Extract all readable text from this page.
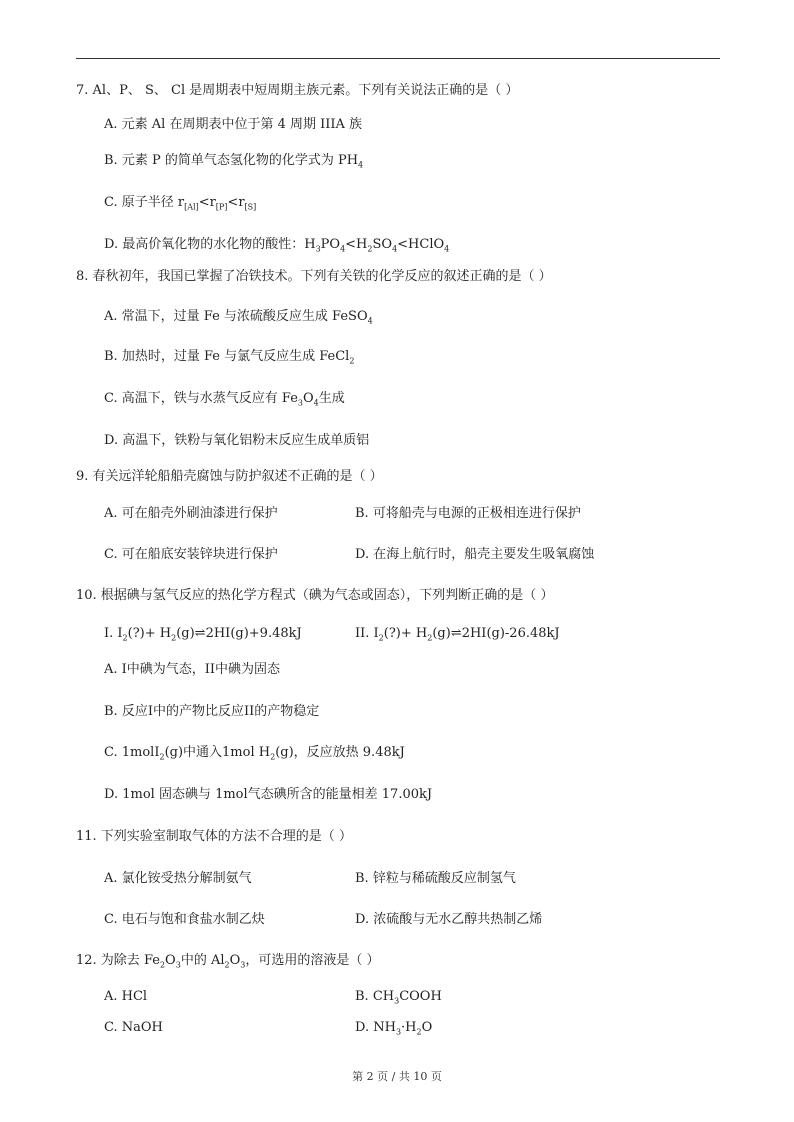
7. Al、P、 S、 Cl 是周期表中短周期主族元素。下列有关说法正确的是（ ）
A. 元素 Al 在周期表中位于第 4 周期 IIIA 族
B. 元素 P 的简单气态氢化物的化学式为 $PH_4$
C. 原子半径 $r_{[Al]}<r_{[P]}<r_{[S]}$
D. 最高价氧化物的水化物的酸性：$H_3PO_4<H_2SO_4<HClO_4$
8. 春秋初年，我国已掌握了冶铁技术。下列有关铁的化学反应的叙述正确的是（ ）
A. 常温下，过量 Fe 与浓硫酸反应生成 FeSO$_4$
B. 加热时，过量 Fe 与氯气反应生成 FeCl$_2$
C. 高温下，铁与水蒸气反应有 $Fe_3O_4$生成
D. 高温下，铁粉与氧化铝粉末反应生成单质铝
9. 有关远洋轮船船壳腐蚀与防护叙述不正确的是（ ）
A. 可在船壳外刷油漆进行保护	B. 可将船壳与电源的正极相连进行保护
C. 可在船底安装锌块进行保护	D. 在海上航行时，船壳主要发生吸氧腐蚀
10. 根据碘与氢气反应的热化学方程式（碘为气态或固态），下列判断正确的是（ ）
I. $I_2(?)+$ $H_2(g)\rightleftharpoons 2HI(g)+9.48kJ$	II. $I_2(?)+$ $H_2(g)\rightleftharpoons 2HI(g)-26.48kJ$
A. I中碘为气态，II中碘为固态
B. 反应I中的产物比反应II的产物稳定
C. 1molI$_2$(g)中通入1mol $H_2(g)$，反应放热 9.48kJ
D. 1mol 固态碘与 1mol气态碘所含的能量相差 17.00kJ
11. 下列实验室制取气体的方法不合理的是（ ）
A. 氯化铵受热分解制氨气	B. 锌粒与稀硫酸反应制氢气
C. 电石与饱和食盐水制乙炔	D. 浓硫酸与无水乙醇共热制乙烯
12. 为除去 $Fe_2O_3$中的 $Al_2O_3$，可选用的溶液是（ ）
A. HCl	B. $CH_3COOH$
C. NaOH	D. $NH_3\cdot H_2O$
第 2 页 / 共 10 页
